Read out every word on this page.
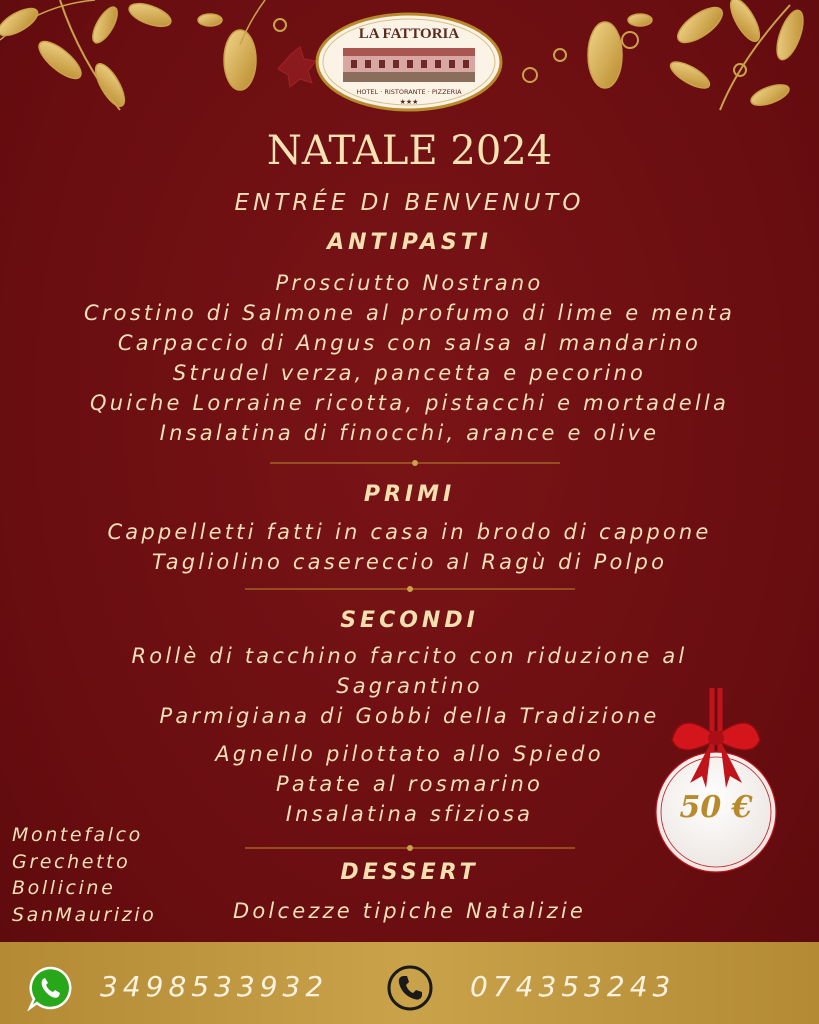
LA FATTORIA
HOTEL · RISTORANTE · PIZZERIA
★★★
NATALE 2024
ENTRÉE DI BENVENUTO
ANTIPASTI
Prosciutto Nostrano
Crostino di Salmone al profumo di lime e menta
Carpaccio di Angus con salsa al mandarino
Strudel verza, pancetta e pecorino
Quiche Lorraine ricotta, pistacchi e mortadella
Insalatina di finocchi, arance e olive
PRIMI
Cappelletti fatti in casa in brodo di cappone
Tagliolino casereccio al Ragù di Polpo
SECONDI
Rollè di tacchino farcito con riduzione al
Sagrantino
Parmigiana di Gobbi della Tradizione
Agnello pilottato allo Spiedo
Patate al rosmarino
Insalatina sfiziosa
DESSERT
Dolcezze tipiche Natalizie
Montefalco
Grechetto
Bollicine
SanMaurizio
50 €
3498533932	074353243
